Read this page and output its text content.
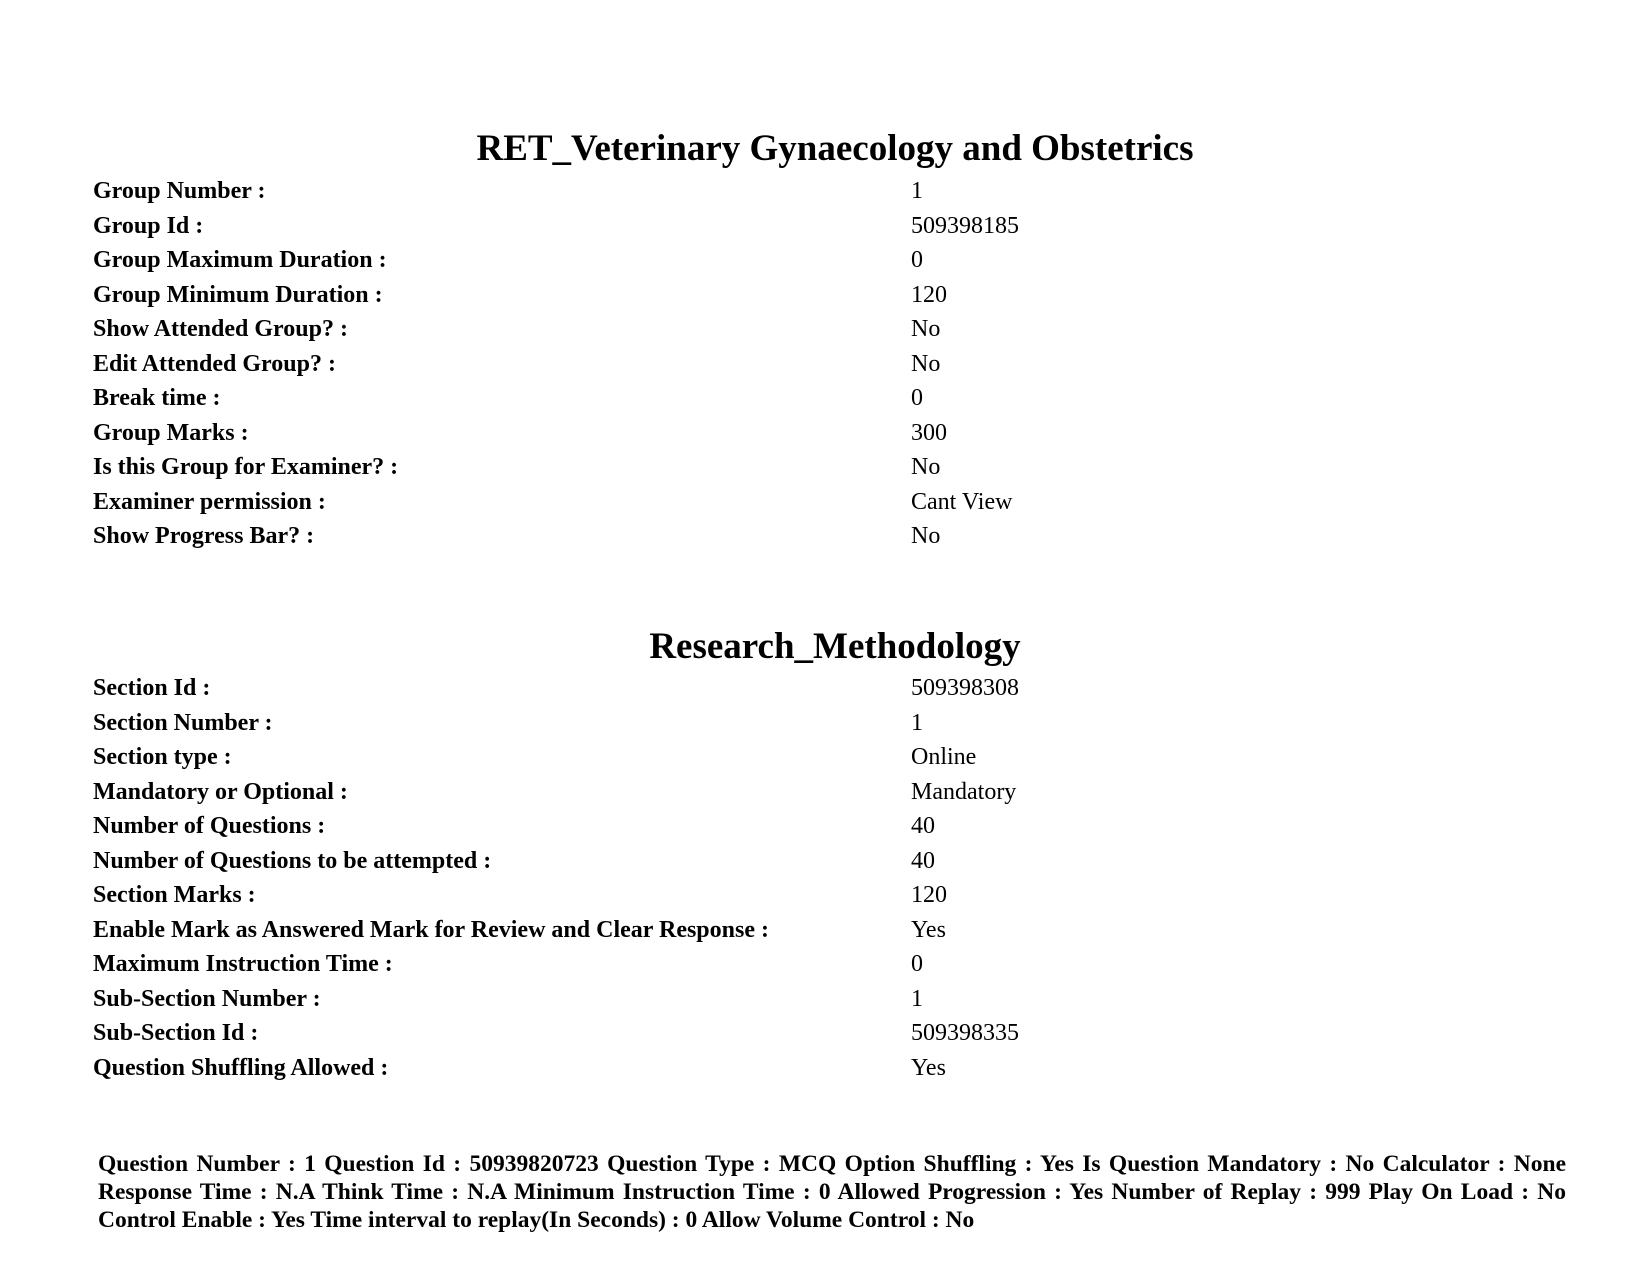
RET_Veterinary Gynaecology and Obstetrics
Group Number :	1
Group Id :	509398185
Group Maximum Duration :	0
Group Minimum Duration :	120
Show Attended Group? :	No
Edit Attended Group? :	No
Break time :	0
Group Marks :	300
Is this Group for Examiner? :	No
Examiner permission :	Cant View
Show Progress Bar? :	No
Research_Methodology
Section Id :	509398308
Section Number :	1
Section type :	Online
Mandatory or Optional :	Mandatory
Number of Questions :	40
Number of Questions to be attempted :	40
Section Marks :	120
Enable Mark as Answered Mark for Review and Clear Response :	Yes
Maximum Instruction Time :	0
Sub-Section Number :	1
Sub-Section Id :	509398335
Question Shuffling Allowed :	Yes

Question Number : 1 Question Id : 50939820723 Question Type : MCQ Option Shuffling : Yes Is Question Mandatory : No Calculator : None Response Time : N.A Think Time : N.A Minimum Instruction Time : 0 Allowed Progression : Yes Number of Replay : 999 Play On Load : No Control Enable : Yes Time interval to replay(In Seconds) : 0 Allow Volume Control : No
